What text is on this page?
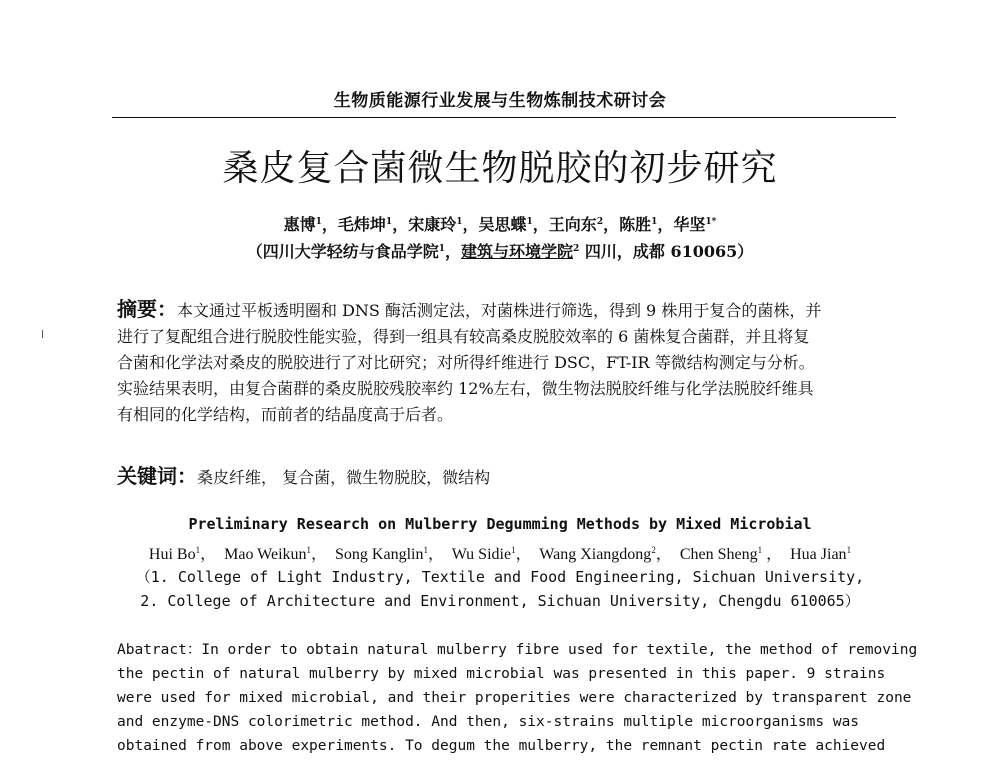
生物质能源行业发展与生物炼制技术研讨会
桑皮复合菌微生物脱胶的初步研究
惠博$^1$，毛炜坤$^1$，宋康玲$^1$，吴思蝶$^1$，王向东$^2$，陈胜$^1$，华坚$^{1*}$
（四川大学轻纺与食品学院$^1$，建筑与环境学院$^2$ 四川，成都 610065）
摘要：本文通过平板透明圈和 DNS 酶活测定法，对菌株进行筛选，得到 9 株用于复合的菌株，并
进行了复配组合进行脱胶性能实验，得到一组具有较高桑皮脱胶效率的 6 菌株复合菌群，并且将复
合菌和化学法对桑皮的脱胶进行了对比研究；对所得纤维进行 DSC，FT-IR 等微结构测定与分析。
实验结果表明，由复合菌群的桑皮脱胶残胶率约 12%左右，微生物法脱胶纤维与化学法脱胶纤维具
有相同的化学结构，而前者的结晶度高于后者。
关键词：桑皮纤维， 复合菌，微生物脱胶，微结构
Preliminary Research on Mulberry Degumming Methods by Mixed Microbial
Hui Bo$^1$，  Mao Weikun$^1$，  Song Kanglin$^1$，  Wu Sidie$^1$，  Wang Xiangdong$^2$，  Chen Sheng$^1$ ，  Hua Jian$^1$
（1. College of Light Industry, Textile and Food Engineering, Sichuan University,
2. College of Architecture and Environment, Sichuan University, Chengdu 610065）
Abatract：In order to obtain natural mulberry fibre used for textile, the method of removing
the pectin of natural mulberry by mixed microbial was presented in this paper. 9 strains
were used for mixed microbial, and their properities were characterized by transparent zone
and enzyme-DNS colorimetric method. And then, six-strains multiple microorganisms was
obtained from above experiments. To degum the mulberry, the remnant pectin rate achieved
